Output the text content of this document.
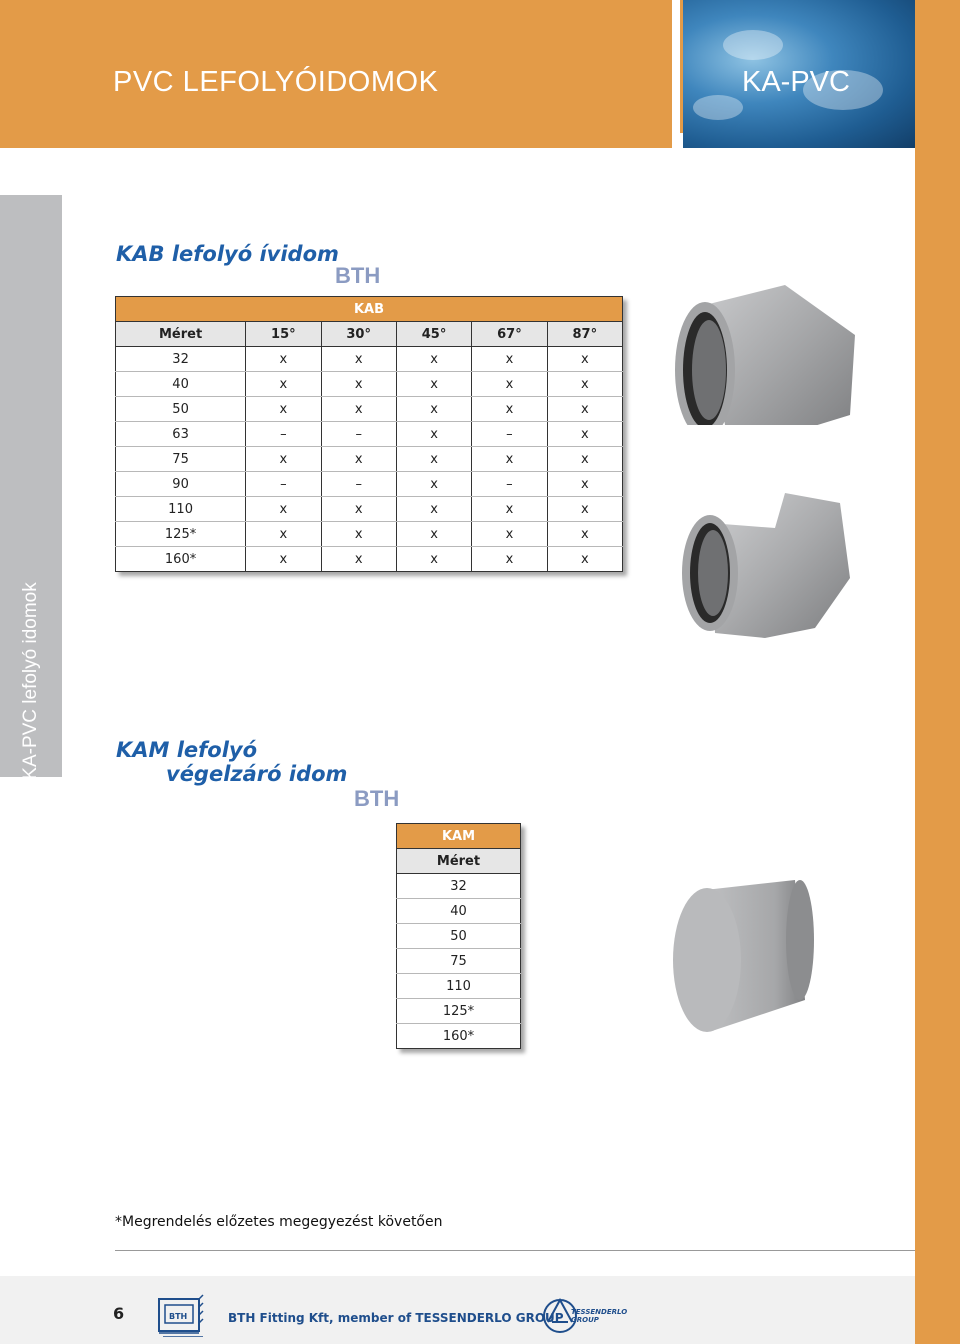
PVC LEFOLYÓIDOMOK	KA-PVC
KA-PVC lefolyó idomok
KAB lefolyó ívidom
BTH
KAB					
Méret	15°	30°	45°	67°	87°
32	x	x	x	x	x
40	x	x	x	x	x
50	x	x	x	x	x
63	–	–	x	–	x
75	x	x	x	x	x
90	–	–	x	–	x
110	x	x	x	x	x
125*	x	x	x	x	x
160*	x	x	x	x	x
KAM lefolyó
végelzáró idom
BTH
KAM
Méret
32
40
50
75
110
125*
160*
*Megrendelés előzetes megegyezést követően
6	BTH	BTH Fitting Kft, member of TESSENDERLO GROUP TESSENDERLO
GROUP
